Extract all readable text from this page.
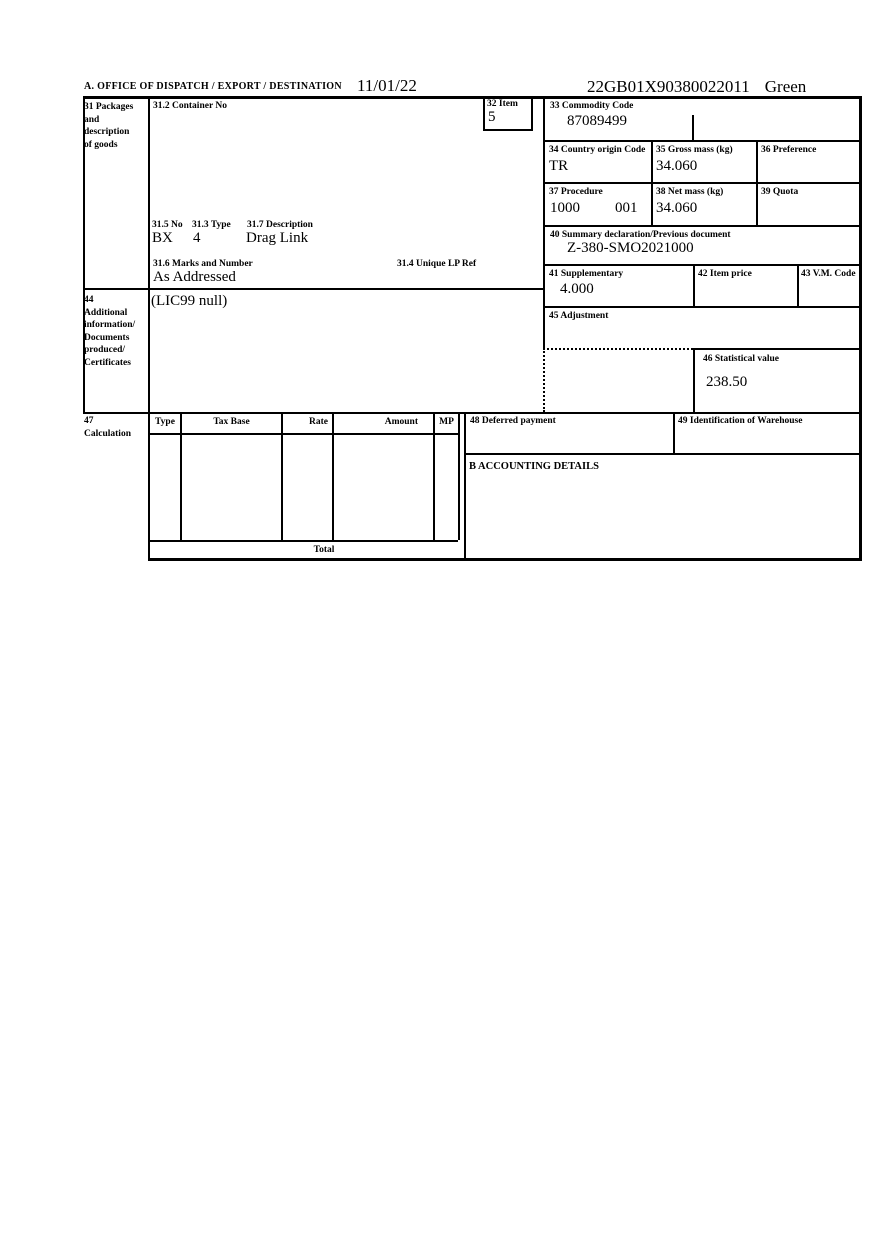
A. OFFICE OF DISPATCH / EXPORT / DESTINATION 11/01/22	22GB01X90380022011 Green
31 Packages
and
description
of goods
31.2 Container No
31.5 No 31.3 Type 31.7 Description
BX 4	Drag Link
31.6 Marks and Number	31.4 Unique LP Ref
As Addressed
32 Item
5
33 Commodity Code
87089499
34 Country origin Code
TR
35 Gross mass (kg)
34.060
36 Preference
37 Procedure
1000 001
38 Net mass (kg)
34.060
39 Quota
40 Summary declaration/Previous document
Z-380-SMO2021000
41 Supplementary
4.000
42 Item price	43 V.M. Code
45 Adjustment
46 Statistical value
238.50
44
Additional
information/
Documents
produced/
Certificates
(LIC99 null)
47
Calculation
Type	Tax Base	Rate	Amount	MP
Total
48 Deferred payment	49 Identification of Warehouse
B ACCOUNTING DETAILS
